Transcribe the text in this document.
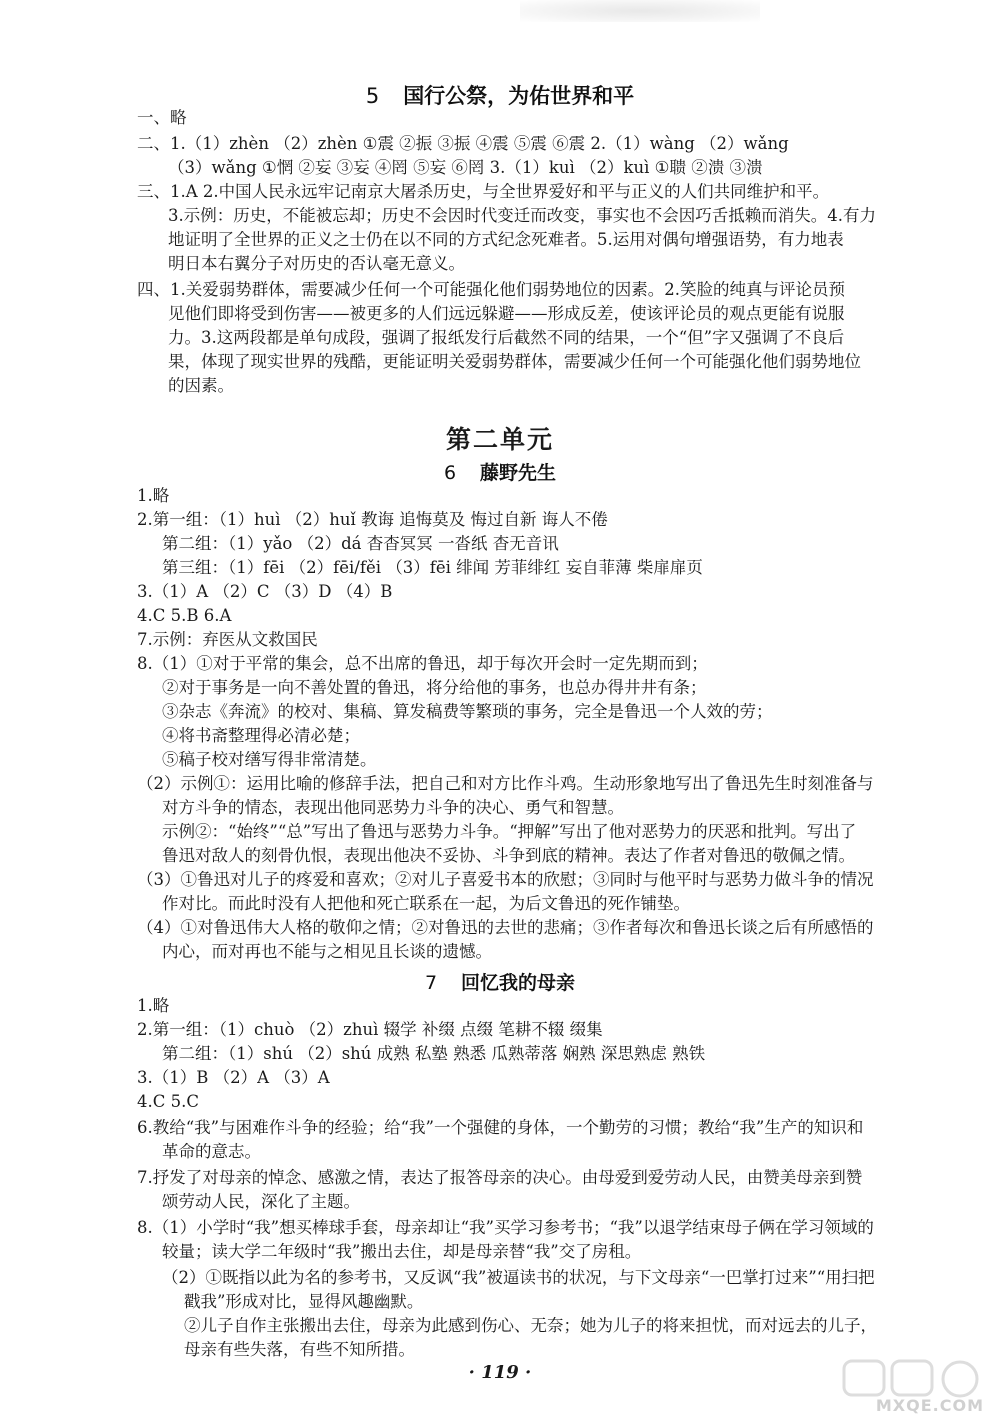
5 国行公祭，为佑世界和平
一、略
二、1.（1）zhèn （2）zhèn ①震 ②振 ③振 ④震 ⑤震 ⑥震 2.（1）wàng （2）wǎng
（3）wǎng ①惘 ②妄 ③妄 ④罔 ⑤妄 ⑥罔 3.（1）kuì （2）kuì ①聩 ②溃 ③溃
三、1.A 2.中国人民永远牢记南京大屠杀历史，与全世界爱好和平与正义的人们共同维护和平。
3.示例：历史，不能被忘却；历史不会因时代变迁而改变，事实也不会因巧舌抵赖而消失。4.有力
地证明了全世界的正义之士仍在以不同的方式纪念死难者。5.运用对偶句增强语势，有力地表
明日本右翼分子对历史的否认毫无意义。
四、1.关爱弱势群体，需要减少任何一个可能强化他们弱势地位的因素。2.笑脸的纯真与评论员预
见他们即将受到伤害——被更多的人们远远躲避——形成反差，使该评论员的观点更能有说服
力。3.这两段都是单句成段，强调了报纸发行后截然不同的结果，一个“但”字又强调了不良后
果，体现了现实世界的残酷，更能证明关爱弱势群体，需要减少任何一个可能强化他们弱势地位
的因素。
第二单元
6 藤野先生
1.略
2.第一组：（1）huì （2）huǐ 教诲 追悔莫及 悔过自新 诲人不倦
第二组：（1）yǎo （2）dá 杳杳冥冥 一沓纸 杳无音讯
第三组：（1）fēi （2）fēi/fěi （3）fēi 绯闻 芳菲绯红 妄自菲薄 柴扉扉页
3.（1）A （2）C （3）D （4）B
4.C 5.B 6.A
7.示例：弃医从文救国民
8.（1）①对于平常的集会，总不出席的鲁迅，却于每次开会时一定先期而到；
②对于事务是一向不善处置的鲁迅，将分给他的事务，也总办得井井有条；
③杂志《奔流》的校对、集稿、算发稿费等繁琐的事务，完全是鲁迅一个人效的劳；
④将书斋整理得必清必楚；
⑤稿子校对缮写得非常清楚。
（2）示例①：运用比喻的修辞手法，把自己和对方比作斗鸡。生动形象地写出了鲁迅先生时刻准备与
对方斗争的情态，表现出他同恶势力斗争的决心、勇气和智慧。
示例②：“始终”“总”写出了鲁迅与恶势力斗争。“押解”写出了他对恶势力的厌恶和批判。写出了
鲁迅对敌人的刻骨仇恨，表现出他决不妥协、斗争到底的精神。表达了作者对鲁迅的敬佩之情。
（3）①鲁迅对儿子的疼爱和喜欢；②对儿子喜爱书本的欣慰；③同时与他平时与恶势力做斗争的情况
作对比。而此时没有人把他和死亡联系在一起，为后文鲁迅的死作铺垫。
（4）①对鲁迅伟大人格的敬仰之情；②对鲁迅的去世的悲痛；③作者每次和鲁迅长谈之后有所感悟的
内心，而对再也不能与之相见且长谈的遗憾。
7 回忆我的母亲
1.略
2.第一组：（1）chuò （2）zhuì 辍学 补缀 点缀 笔耕不辍 缀集
第二组：（1）shú （2）shú 成熟 私塾 熟悉 瓜熟蒂落 娴熟 深思熟虑 熟铁
3.（1）B （2）A （3）A
4.C 5.C
6.教给“我”与困难作斗争的经验；给“我”一个强健的身体，一个勤劳的习惯；教给“我”生产的知识和
革命的意志。
7.抒发了对母亲的悼念、感激之情，表达了报答母亲的决心。由母爱到爱劳动人民，由赞美母亲到赞
颂劳动人民，深化了主题。
8.（1）小学时“我”想买棒球手套，母亲却让“我”买学习参考书；“我”以退学结束母子俩在学习领域的
较量；读大学二年级时“我”搬出去住，却是母亲替“我”交了房租。
（2）①既指以此为名的参考书，又反讽“我”被逼读书的状况，与下文母亲“一巴掌打过来”“用扫把
戳我”形成对比，显得风趣幽默。
②儿子自作主张搬出去住，母亲为此感到伤心、无奈；她为儿子的将来担忧，而对远去的儿子，
母亲有些失落，有些不知所措。
· 119 ·
MXQE.COM
